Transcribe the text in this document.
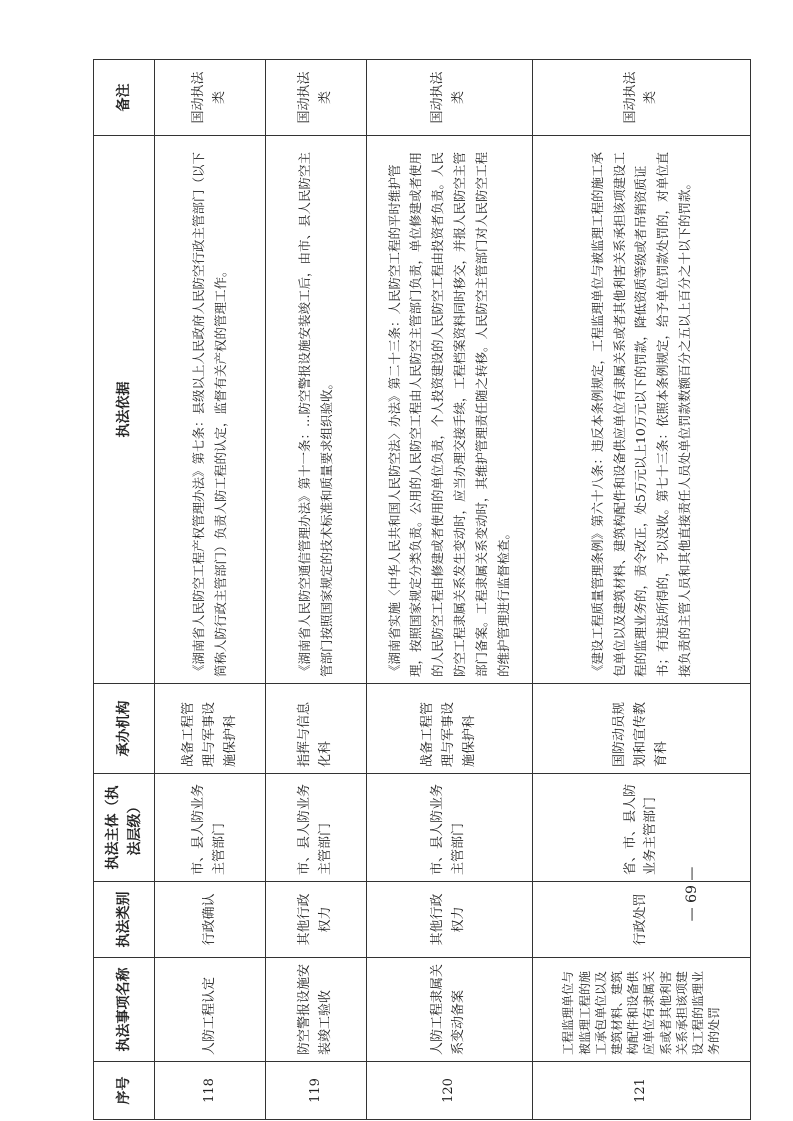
序号	执法事项名称	执法类别	执法主体（执法层级）	承办机构	执法依据	备注
118	人防工程认定	行政确认	市、县人防业务主管部门	战备工程管理与军事设施保护科	《湖南省人民防空工程产权管理办法》第七条：县级以上人民政府人民防空行政主管部门（以下简称人防行政主管部门）负责人防工程的认定，监督有关产权的管理工作。	国动执法类
119	防空警报设施安装竣工验收	其他行政权力	市、县人防业务主管部门	指挥与信息化科	《湖南省人民防空通信管理办法》第十一条：…防空警报设施安装竣工后，由市、县人民防空主管部门按照国家规定的技术标准和质量要求组织验收。	国动执法类
120	人防工程隶属关系变动备案	其他行政权力	市、县人防业务主管部门	战备工程管理与军事设施保护科	《湖南省实施〈中华人民共和国人民防空法〉办法》第二十三条：人民防空工程的平时维护管理，按照国家规定分类负责。公用的人民防空工程由人民防空主管部门负责，单位修建或者使用的人民防空工程由修建或者使用的单位负责，个人投资建设的人民防空工程由投资者负责。人民防空工程隶属关系发生变动时，应当办理交接手续，工程档案资料同时移交，并报人民防空主管部门备案。工程隶属关系变动时，其维护管理责任随之转移。人民防空主管部门对人民防空工程的维护管理进行监督检查。	国动执法类
121	工程监理单位与被监理工程的施工承包单位以及建筑材料、建筑构配件和设备供应单位有隶属关系或者其他利害关系承担该项建设工程的监理业务的处罚	行政处罚	省、市、县人防业务主管部门	国防动员规划和宣传教育科	《建设工程质量管理条例》第六十八条：违反本条例规定，工程监理单位与被监理工程的施工承包单位以及建筑材料、建筑构配件和设备供应单位有隶属关系或者其他利害关系承担该项建设工程的监理业务的，责令改正，处5万元以上10万元以下的罚款，降低资质等级或者吊销资质证书；有违法所得的，予以没收。第七十三条：依照本条例规定，给予单位罚款处罚的，对单位直接负责的主管人员和其他直接责任人员处单位罚款数额百分之五以上百分之十以下的罚款。	国动执法类
— 69 —
